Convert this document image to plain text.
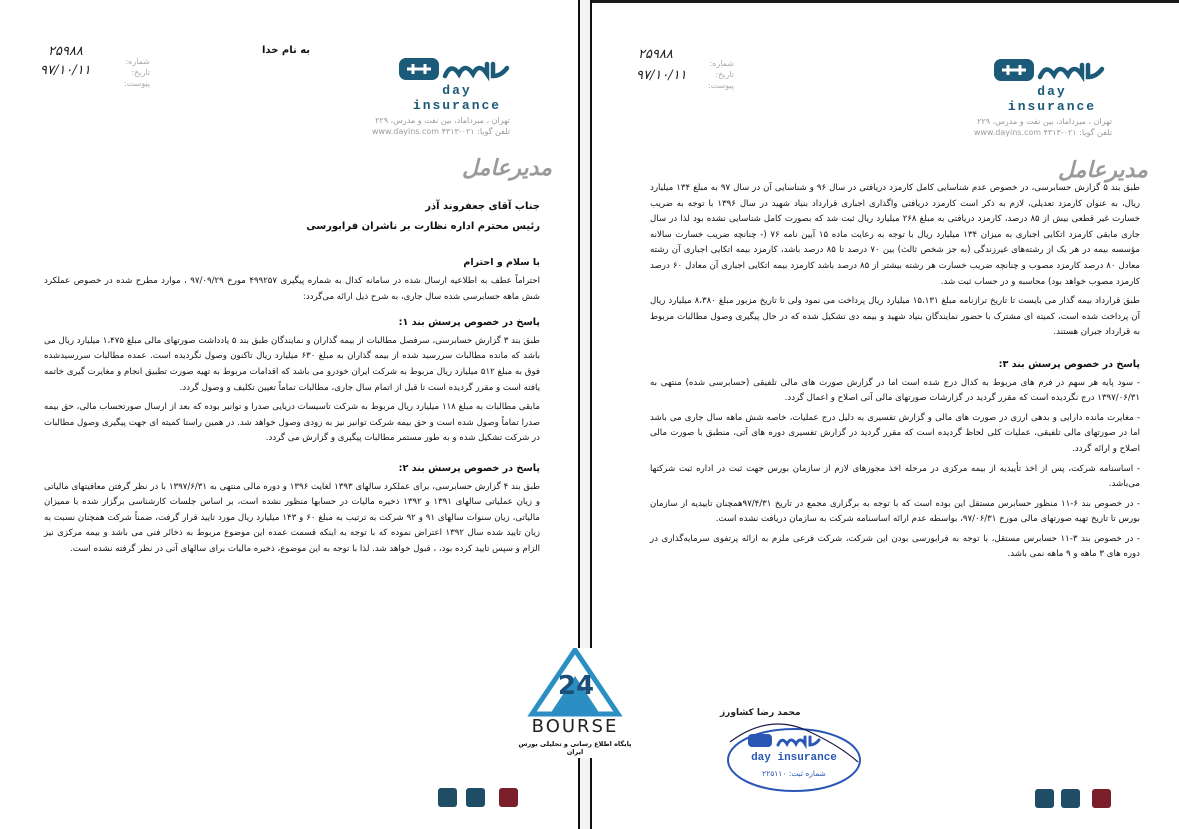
۲۵۹۸۸
۹۷/۱۰/۱۱
شماره:
تاریخ:
پیوست:
به نام خدا
day insurance
تهران ، میرداماد، بین نفت و مدرس، ۲۲۹
تلفن گویا: ۰۲۱-۴۳۱۳ www.dayins.com
مدیرعامل
جناب آقای جعفروند آذر
رئیس محترم اداره نظارت بر ناشران فرابورسی
با سلام و احترام

احتراماً عطف به اطلاعیه ارسال شده در سامانه کدال به شماره پیگیری ۴۹۹۲۵۷ مورخ ۹۷/۰۹/۲۹ ، موارد مطرح شده در خصوص عملکرد شش ماهه حسابرسی شده سال جاری، به شرح ذیل ارائه می‌گردد:

پاسخ در خصوص پرسش بند ۱:

طبق بند ۳ گزارش حسابرسی، سرفصل مطالبات از بیمه گذاران و نمایندگان طبق بند ۵ یادداشت صورتهای مالی مبلغ ۱،۴۷۵ میلیارد ریال می باشد که مانده مطالبات سررسید شده از بیمه گذاران به مبلغ ۶۳۰ میلیارد ریال تاکنون وصول نگردیده است. عمده مطالبات سررسیدشده فوق به مبلغ ۵۱۲ میلیارد ریال مربوط به شرکت ایران خودرو می باشد که اقدامات مربوط به تهیه صورت تطبیق انجام و مغایرت گیری خاتمه یافته است و مقرر گردیده است تا قبل از اتمام سال جاری، مطالبات تماماً تعیین تکلیف و وصول گردد.

مابقی مطالبات به مبلغ ۱۱۸ میلیارد ریال مربوط به شرکت تاسیسات دریایی صدرا و توانیر بوده که بعد از ارسال صورتحساب مالی، حق بیمه صدرا تماماً وصول شده است و حق بیمه شرکت توانیر نیز به زودی وصول خواهد شد. در همین راستا کمیته ای جهت پیگیری وصول مطالبات در شرکت تشکیل شده و به طور مستمر مطالبات پیگیری و گزارش می گردد.

پاسخ در خصوص پرسش بند ۲:

طبق بند ۴ گزارش حسابرسی، برای عملکرد سالهای ۱۳۹۳ لغایت ۱۳۹۶ و دوره مالی منتهی به ۱۳۹۷/۶/۳۱ با در نظر گرفتن معافیتهای مالیاتی و زیان عملیاتی سالهای ۱۳۹۱ و ۱۳۹۲ ذخیره مالیات در حسابها منظور نشده است، بر اساس جلسات کارشناسی برگزار شده با ممیزان مالیاتی، زیان سنوات سالهای ۹۱ و ۹۲ شرکت به ترتیب به مبلغ ۶۰ و ۱۴۳ میلیارد ریال مورد تایید قرار گرفت، ضمناً شرکت همچنان نسبت به زیان تایید شده سال ۱۳۹۲ اعتراض نموده که با توجه به اینکه قسمت عمده این موضوع مربوط به ذخائر فنی می باشد و بیمه مرکزی نیز الزام و سپس تایید کرده بود، ، قبول خواهد شد. لذا با توجه به این موضوع، ذخیره مالیات برای سالهای آتی در نظر گرفته نشده است.

۲۵۹۸۸
۹۷/۱۰/۱۱
شماره:
تاریخ:
پیوست:	day insurance
تهران ، میرداماد، بین نفت و مدرس، ۲۲۹
تلفن گویا: ۰۲۱-۴۳۱۳ www.dayins.com
مدیرعامل

طبق بند ۵ گزارش حسابرسی، در خصوص عدم شناسایی کامل کارمزد دریافتی در سال ۹۶ و شناسایی آن در سال ۹۷ به مبلغ ۱۳۴ میلیارد ریال، به عنوان کارمزد تعدیلی، لازم به ذکر است کارمزد دریافتی واگذاری اجباری قرارداد بنیاد شهید در سال ۱۳۹۶ با توجه به ضریب خسارت غیر قطعی بیش از ۸۵ درصد، کارمزد دریافتی به مبلغ ۲۶۸ میلیارد ریال ثبت شد که بصورت کامل شناسایی نشده بود لذا در سال جاری مابقی کارمزد اتکایی اجباری به میزان ۱۳۴ میلیارد ریال با توجه به رعایت ماده ۱۵ آیین نامه ۷۶ (- چنانچه ضریب خسارت سالانه مؤسسه بیمه در هر یک از رشته‌های غیرزندگی (به جز شخص ثالث) بین ۷۰ درصد تا ۸۵ درصد باشد، کارمزد بیمه اتکایی اجباری آن رشته معادل ۸۰ درصد کارمزد مصوب و چنانچه ضریب خسارت هر رشته بیشتر از ۸۵ درصد باشد کارمزد بیمه اتکایی اجباری آن معادل ۶۰ درصد کارمزد مصوب خواهد بود) محاسبه و در حساب ثبت شد.

طبق قرارداد بیمه گذار می بایست تا تاریخ ترازنامه مبلغ ۱۵،۱۳۱ میلیارد ریال پرداخت می نمود ولی تا تاریخ مزبور مبلغ ۸،۳۸۰ میلیارد ریال آن پرداخت شده است، کمیته ای مشترک با حضور نمایندگان بنیاد شهید و بیمه دی تشکیل شده که در حال پیگیری وصول مطالبات مربوط به قرارداد جبران هستند.

پاسخ در خصوص پرسش بند ۳:

- سود پایه هر سهم در فرم های مربوط به کدال درج شده است اما در گزارش صورت های مالی تلفیقی (حسابرسی شده) منتهی به ۱۳۹۷/۰۶/۳۱ درج نگردیده است که مقرر گردید در گزارشات صورتهای مالی آتی اصلاح و اعمال گردد.

- مغایرت مانده دارایی و بدهی ارزی در صورت های مالی و گزارش تفسیری به دلیل درج عملیات، خاصه شش ماهه سال جاری می باشد اما در صورتهای مالی تلفیقی، عملیات کلی لحاظ گردیده است که مقرر گردید در گزارش تفسیری دوره های آتی، منطبق با صورت مالی اصلاح و ارائه گردد.

- اساسنامه شرکت، پس از اخذ تأییدیه از بیمه مرکزی در مرحله اخذ مجوزهای لازم از سازمان بورس جهت ثبت در اداره ثبت شرکتها می‌باشد.

- در خصوص بند ۶-۱۱ منظور حسابرس مستقل این بوده است که با توجه به برگزاری مجمع در تاریخ ۹۷/۴/۳۱همچنان تاییدیه از سازمان بورس تا تاریخ تهیه صورتهای مالی مورخ ۹۷/۰۶/۳۱، بواسطه عدم ارائه اساسنامه شرکت به سازمان دریافت نشده است.

- در خصوص بند ۳-۱۱ حسابرس مستقل، با توجه به فرابورسی بودن این شرکت، شرکت فرعی ملزم به ارائه پرتفوی سرمایه‌گذاری در دوره های ۳ ماهه و ۹ ماهه نمی باشد.

محمد رضا کشاورز
day insurance
شماره ثبت: ۲۲۵۱۱۰
24
BOURSE
پایگاه اطلاع رسانی و تحلیلی بورس ایران
